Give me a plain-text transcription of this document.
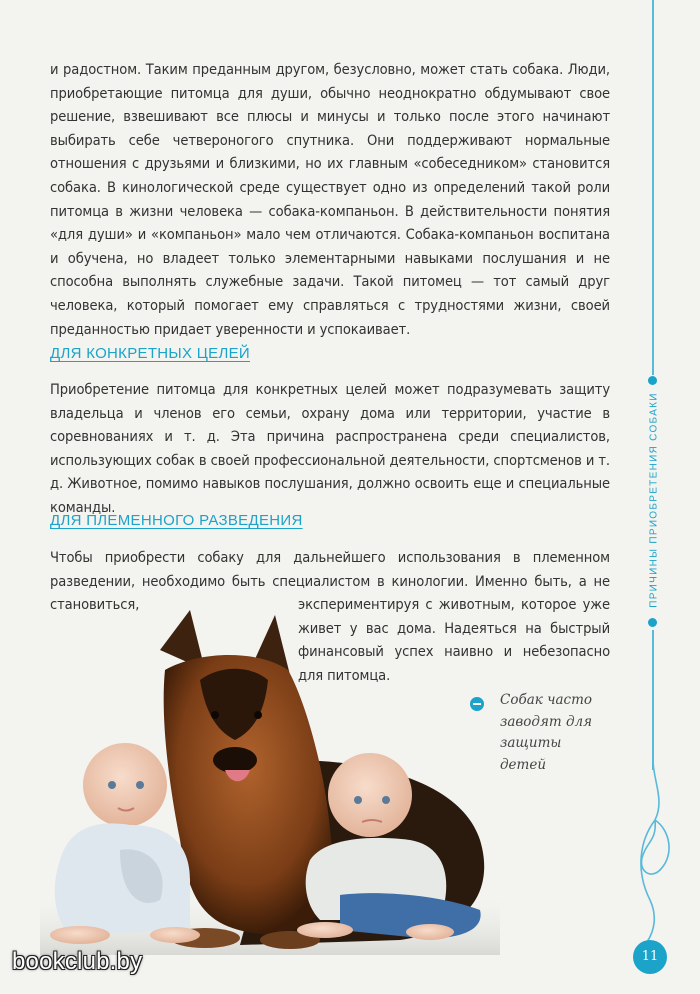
и радостном. Таким преданным другом, безусловно, может стать собака. Люди, приобретающие питомца для души, обычно неоднократно обдумывают свое решение, взвешивают все плюсы и минусы и только после этого начинают выбирать себе четвероногого спутника. Они поддерживают нормальные отношения с друзьями и близкими, но их главным «собеседником» становится собака. В кинологической среде существует одно из определений такой роли питомца в жизни человека — собака-компаньон. В действительности понятия «для души» и «компаньон» мало чем отличаются. Собака-компаньон воспитана и обучена, но владеет только элементарными навыками послушания и не способна выполнять служебные задачи. Такой питомец — тот самый друг человека, который помогает ему справляться с трудностями жизни, своей преданностью придает уверенности и успокаивает.

ДЛЯ КОНКРЕТНЫХ ЦЕЛЕЙ

Приобретение питомца для конкретных целей может подразумевать защиту владельца и членов его семьи, охрану дома или территории, участие в соревнованиях и т. д. Эта причина распространена среди специалистов, использующих собак в своей профессиональной деятельности, спортсменов и т. д. Животное, помимо навыков послушания, должно освоить еще и специальные команды.

ДЛЯ ПЛЕМЕННОГО РАЗВЕДЕНИЯ

Чтобы приобрести собаку для дальнейшего использования в племенном разведении, необходимо быть специалистом в кинологии. Именно быть, а не становиться,	экспериментируя с животным, которое уже живет у вас дома. Надеяться на быстрый финансовый успех наивно и небезопасно для питомца.

Собак часто заводят для защиты детей
ПРИЧИНЫ ПРИОБРЕТЕНИЯ СОБАКИ
11
bookclub.by
